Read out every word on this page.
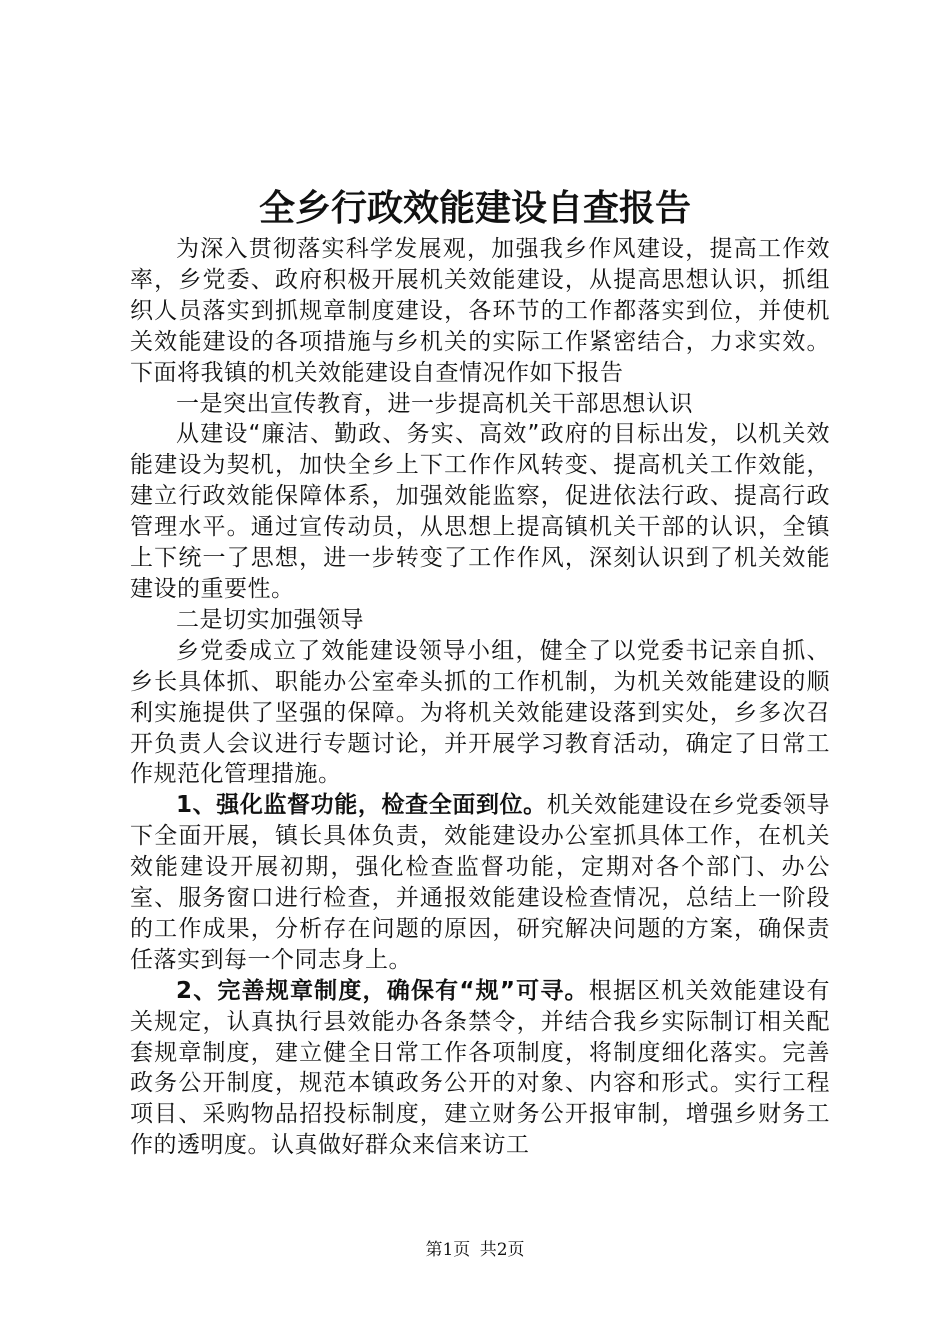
全乡行政效能建设自查报告

为深入贯彻落实科学发展观，加强我乡作风建设，提高工作效率，乡党委、政府积极开展机关效能建设，从提高思想认识，抓组织人员落实到抓规章制度建设，各环节的工作都落实到位，并使机关效能建设的各项措施与乡机关的实际工作紧密结合，力求实效。下面将我镇的机关效能建设自查情况作如下报告

一是突出宣传教育，进一步提高机关干部思想认识

从建设“廉洁、勤政、务实、高效”政府的目标出发，以机关效能建设为契机，加快全乡上下工作作风转变、提高机关工作效能，建立行政效能保障体系，加强效能监察，促进依法行政、提高行政管理水平。通过宣传动员，从思想上提高镇机关干部的认识，全镇上下统一了思想，进一步转变了工作作风，深刻认识到了机关效能建设的重要性。

二是切实加强领导

乡党委成立了效能建设领导小组，健全了以党委书记亲自抓、乡长具体抓、职能办公室牵头抓的工作机制，为机关效能建设的顺利实施提供了坚强的保障。为将机关效能建设落到实处，乡多次召开负责人会议进行专题讨论，并开展学习教育活动，确定了日常工作规范化管理措施。

1、强化监督功能，检查全面到位。机关效能建设在乡党委领导下全面开展，镇长具体负责，效能建设办公室抓具体工作，在机关效能建设开展初期，强化检查监督功能，定期对各个部门、办公室、服务窗口进行检查，并通报效能建设检查情况，总结上一阶段的工作成果，分析存在问题的原因，研究解决问题的方案，确保责任落实到每一个同志身上。

2、完善规章制度，确保有“规”可寻。根据区机关效能建设有关规定，认真执行县效能办各条禁令，并结合我乡实际制订相关配套规章制度，建立健全日常工作各项制度，将制度细化落实。完善政务公开制度，规范本镇政务公开的对象、内容和形式。实行工程项目、采购物品招投标制度，建立财务公开报审制，增强乡财务工作的透明度。认真做好群众来信来访工

第1页 共2页
